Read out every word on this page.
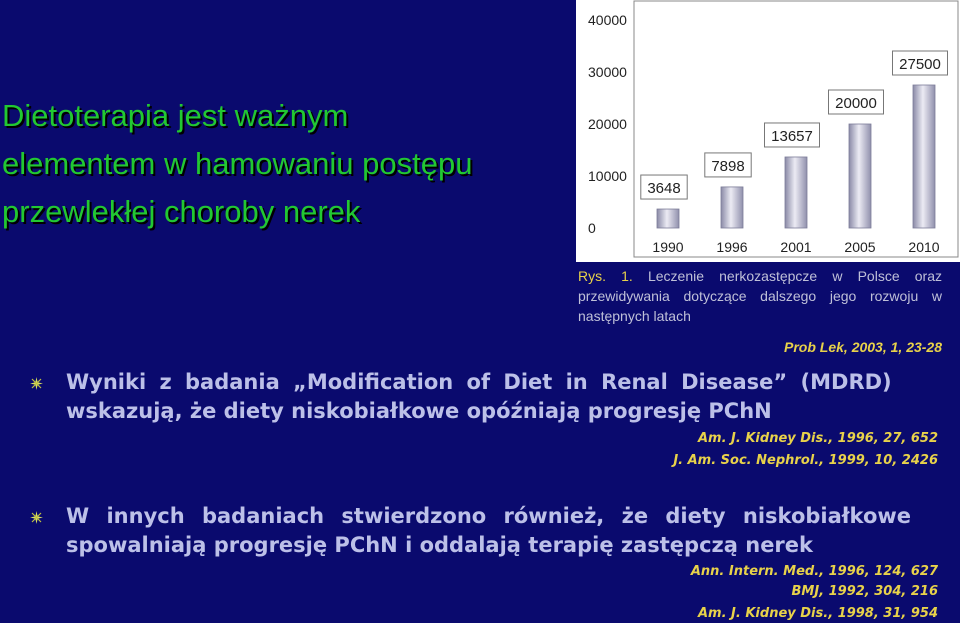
Dietoterapia jest ważnym
elementem w hamowaniu postępu
przewlekłej choroby nerek	0
10000
20000
30000
40000
3648
1990
7898
1996
13657
2001
20000
2005
27500
2010
Rys. 1. Leczenie nerkozastępcze w Polsce oraz przewidywania dotyczące dalszego jego rozwoju w następnych latach
Prob Lek, 2003, 1, 23-28
Wyniki z badania „Modification of Diet in Renal Disease” (MDRD)
wskazują, że diety niskobiałkowe opóźniają progresję PChN
Am. J. Kidney Dis., 1996, 27, 652
J. Am. Soc. Nephrol., 1999, 10, 2426
W innych badaniach stwierdzono również, że diety niskobiałkowe
spowalniają progresję PChN i oddalają terapię zastępczą nerek
Ann. Intern. Med., 1996, 124, 627
BMJ, 1992, 304, 216
Am. J. Kidney Dis., 1998, 31, 954
